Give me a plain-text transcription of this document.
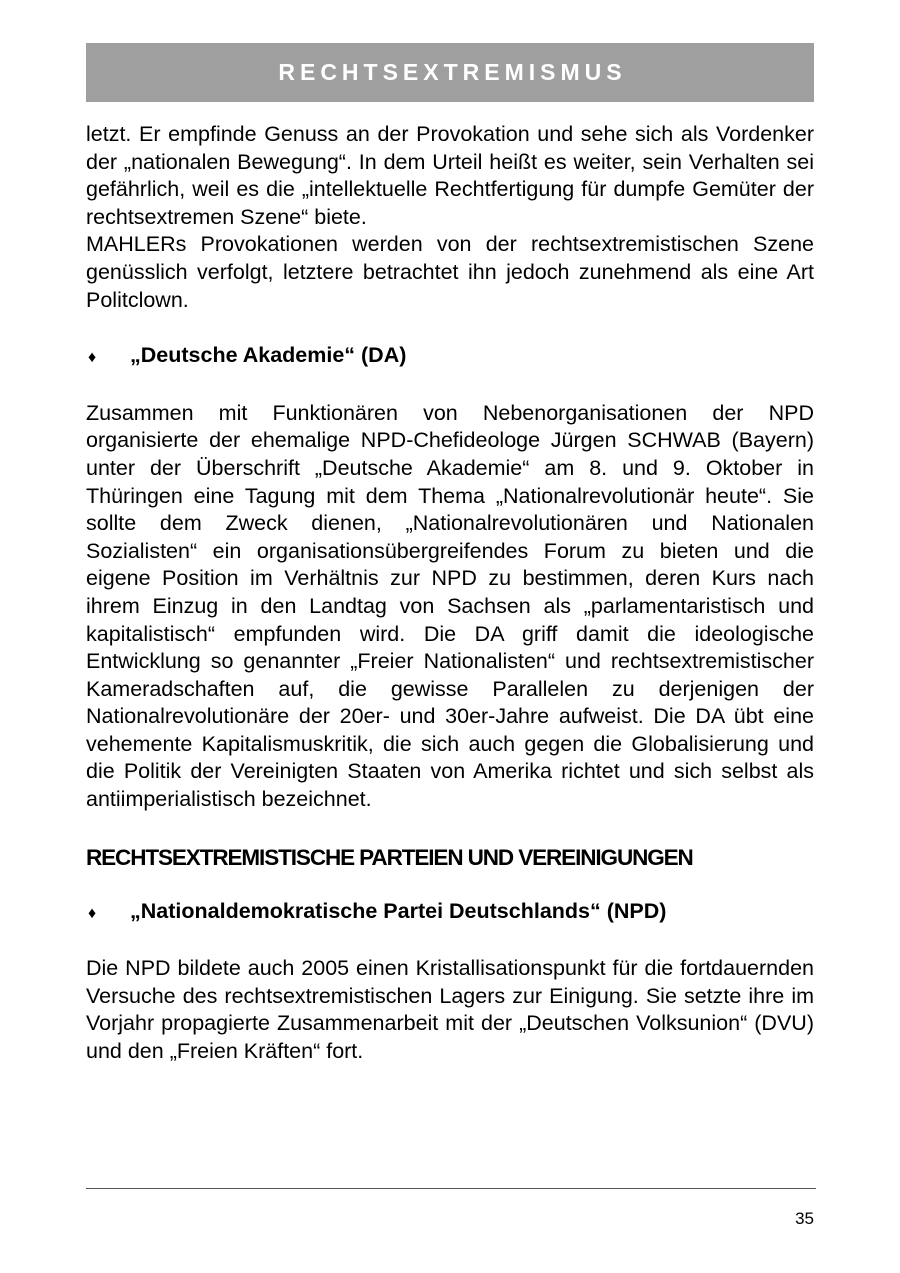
RECHTSEXTREMISMUS

letzt. Er empfinde Genuss an der Provokation und sehe sich als Vordenker der „nationalen Bewegung“. In dem Urteil heißt es weiter, sein Verhalten sei gefährlich, weil es die „intellektuelle Rechtfertigung für dumpfe Gemüter der rechtsextremen Szene“ biete.

MAHLERs Provokationen werden von der rechtsextremistischen Szene genüsslich verfolgt, letztere betrachtet ihn jedoch zunehmend als eine Art Politclown.

♦	„Deutsche Akademie“ (DA)

Zusammen mit Funktionären von Nebenorganisationen der NPD organisierte der ehemalige NPD-Chefideologe Jürgen SCHWAB (Bayern) unter der Überschrift „Deutsche Akademie“ am 8. und 9. Oktober in Thüringen eine Tagung mit dem Thema „Nationalrevolutionär heute“. Sie sollte dem Zweck dienen, „Nationalrevolutionären und Nationalen Sozialisten“ ein organisationsübergreifendes Forum zu bieten und die eigene Position im Verhältnis zur NPD zu bestimmen, deren Kurs nach ihrem Einzug in den Landtag von Sachsen als „parlamentaristisch und kapitalistisch“ empfunden wird. Die DA griff damit die ideologische Entwicklung so genannter „Freier Nationalisten“ und rechtsextremistischer Kameradschaften auf, die gewisse Parallelen zu derjenigen der Nationalrevolutionäre der 20er- und 30er-Jahre aufweist. Die DA übt eine vehemente Kapitalismuskritik, die sich auch gegen die Globalisierung und die Politik der Vereinigten Staaten von Amerika richtet und sich selbst als antiimperialistisch bezeichnet.

RECHTSEXTREMISTISCHE PARTEIEN UND VEREINIGUNGEN
♦	„Nationaldemokratische Partei Deutschlands“ (NPD)

Die NPD bildete auch 2005 einen Kristallisationspunkt für die fortdauernden Versuche des rechtsextremistischen Lagers zur Einigung. Sie setzte ihre im Vorjahr propagierte Zusammenarbeit mit der „Deutschen Volksunion“ (DVU) und den „Freien Kräften“ fort.

35
